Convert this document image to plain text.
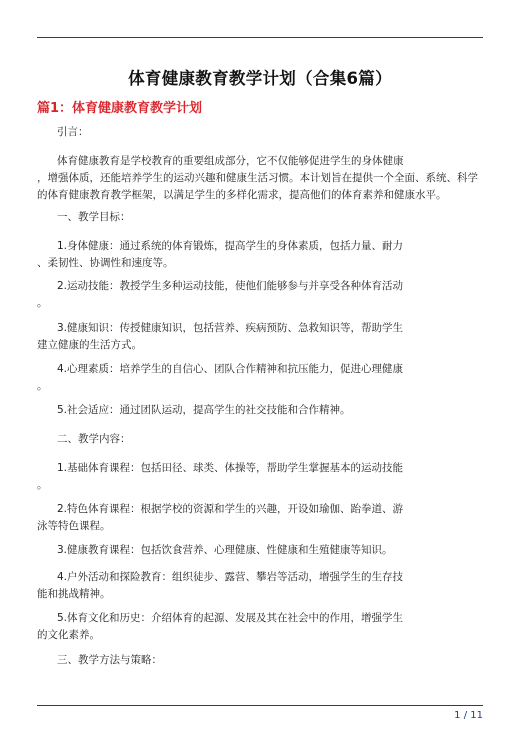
体育健康教育教学计划（合集6篇）
篇1：体育健康教育教学计划
引言：
体育健康教育是学校教育的重要组成部分，它不仅能够促进学生的身体健康
，增强体质，还能培养学生的运动兴趣和健康生活习惯。本计划旨在提供一个全面、系统、科学
的体育健康教育教学框架，以满足学生的多样化需求，提高他们的体育素养和健康水平。
一、教学目标：
1.身体健康：通过系统的体育锻炼，提高学生的身体素质，包括力量、耐力
、柔韧性、协调性和速度等。
2.运动技能：教授学生多种运动技能，使他们能够参与并享受各种体育活动
。
3.健康知识：传授健康知识，包括营养、疾病预防、急救知识等，帮助学生
建立健康的生活方式。
4.心理素质：培养学生的自信心、团队合作精神和抗压能力，促进心理健康
。
5.社会适应：通过团队运动，提高学生的社交技能和合作精神。
二、教学内容：
1.基础体育课程：包括田径、球类、体操等，帮助学生掌握基本的运动技能
。
2.特色体育课程：根据学校的资源和学生的兴趣，开设如瑜伽、跆拳道、游
泳等特色课程。
3.健康教育课程：包括饮食营养、心理健康、性健康和生殖健康等知识。
4.户外活动和探险教育：组织徒步、露营、攀岩等活动，增强学生的生存技
能和挑战精神。
5.体育文化和历史：介绍体育的起源、发展及其在社会中的作用，增强学生
的文化素养。
三、教学方法与策略：
1 / 11
